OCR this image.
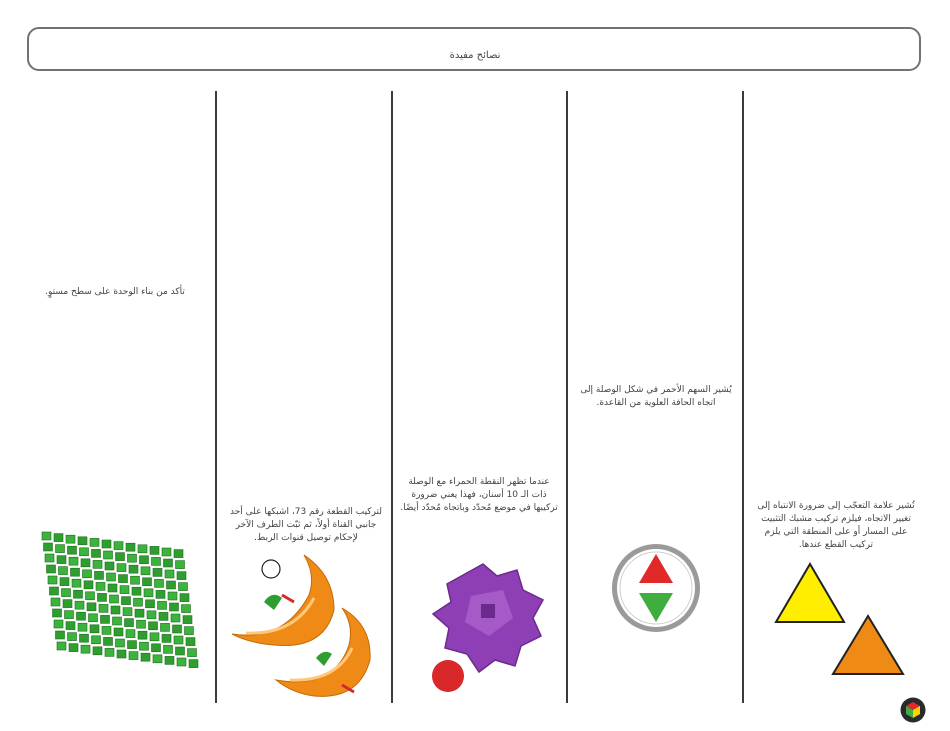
نصائح مفيدة
تأكد من بناء الوحدة على سطح مستوٍ.
لتركيب القطعة رقم 73، اشبكها على أحد جانبي القناة أولاً، ثم ثبّت الطرف الآخر لإحكام توصيل قنوات الربط.
عندما تظهر النقطة الحمراء مع الوصلة ذات الـ 10 أسنان، فهذا يعني ضرورة تركيبها في موضع مُحدّد وباتجاه مُحدّد أيضًا.
يُشير السهم الأحمر في شكل الوصلة إلى اتجاه الحافة العلوية من القاعدة.
تُشير علامة التعجّب إلى ضرورة الانتباه إلى تغيير الاتجاه، فيلزم تركيب مشبك التثبيت على المسار أو على المنطقة التي يلزم تركيب القطع عندها.
